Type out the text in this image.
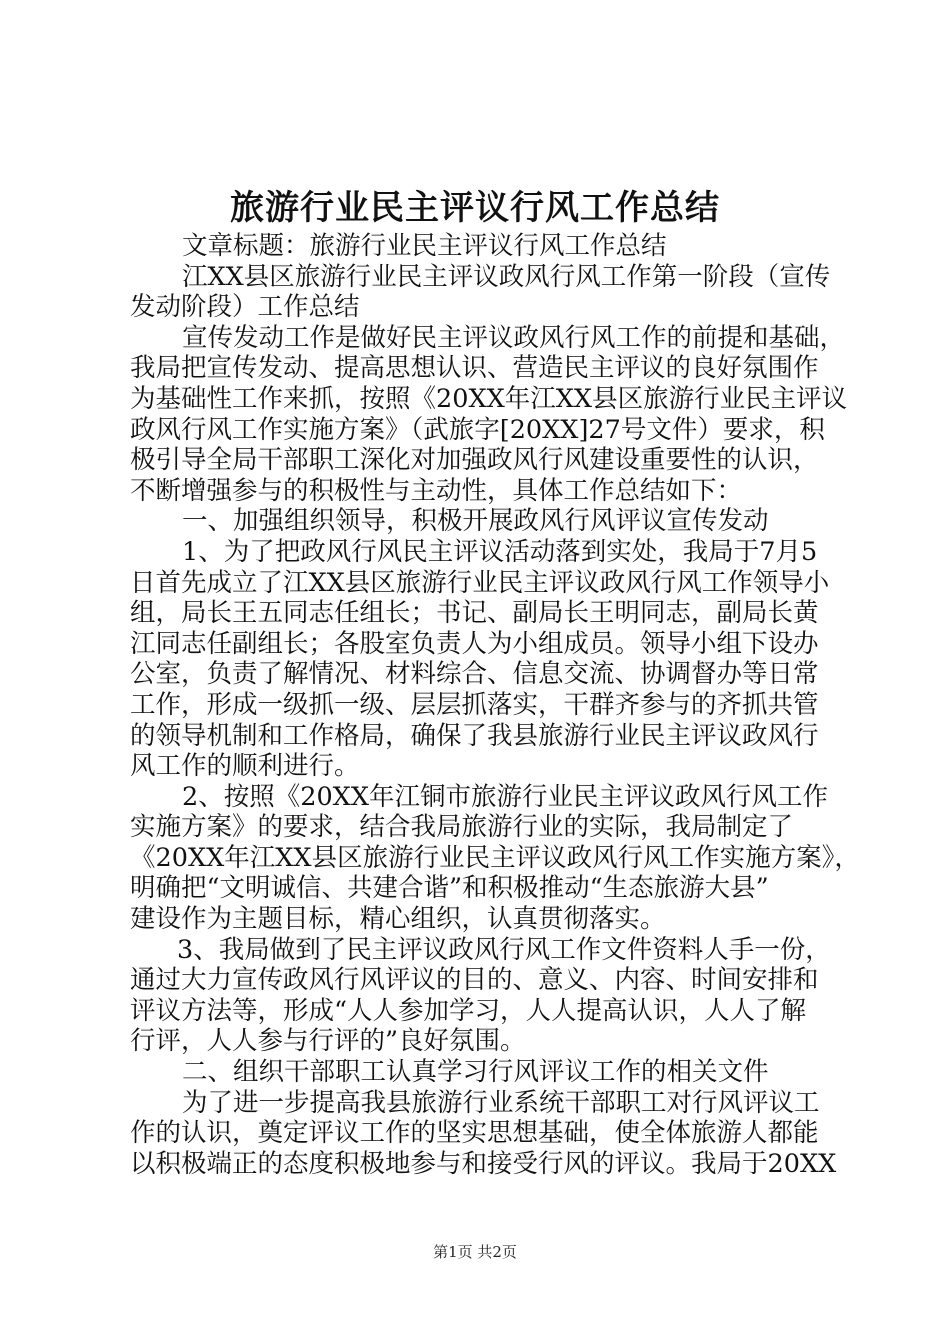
旅游行业民主评议行风工作总结
文章标题：旅游行业民主评议行风工作总结
江XX县区旅游行业民主评议政风行风工作第一阶段（宣传
发动阶段）工作总结
宣传发动工作是做好民主评议政风行风工作的前提和基础，
我局把宣传发动、提高思想认识、营造民主评议的良好氛围作
为基础性工作来抓，按照《20XX年江XX县区旅游行业民主评议
政风行风工作实施方案》（武旅字[20XX]27号文件）要求，积
极引导全局干部职工深化对加强政风行风建设重要性的认识，
不断增强参与的积极性与主动性，具体工作总结如下：
一、加强组织领导，积极开展政风行风评议宣传发动
1、为了把政风行风民主评议活动落到实处，我局于7月5
日首先成立了江XX县区旅游行业民主评议政风行风工作领导小
组，局长王五同志任组长；书记、副局长王明同志，副局长黄
江同志任副组长；各股室负责人为小组成员。领导小组下设办
公室，负责了解情况、材料综合、信息交流、协调督办等日常
工作，形成一级抓一级、层层抓落实，干群齐参与的齐抓共管
的领导机制和工作格局，确保了我县旅游行业民主评议政风行
风工作的顺利进行。
2、按照《20XX年江铜市旅游行业民主评议政风行风工作
实施方案》的要求，结合我局旅游行业的实际，我局制定了
《20XX年江XX县区旅游行业民主评议政风行风工作实施方案》，
明确把“文明诚信、共建合谐”和积极推动“生态旅游大县”
建设作为主题目标，精心组织，认真贯彻落实。
3、我局做到了民主评议政风行风工作文件资料人手一份，
通过大力宣传政风行风评议的目的、意义、内容、时间安排和
评议方法等，形成“人人参加学习，人人提高认识，人人了解
行评，人人参与行评的”良好氛围。
二、组织干部职工认真学习行风评议工作的相关文件
为了进一步提高我县旅游行业系统干部职工对行风评议工
作的认识，奠定评议工作的坚实思想基础，使全体旅游人都能
以积极端正的态度积极地参与和接受行风的评议。我局于20XX
第1页 共2页
